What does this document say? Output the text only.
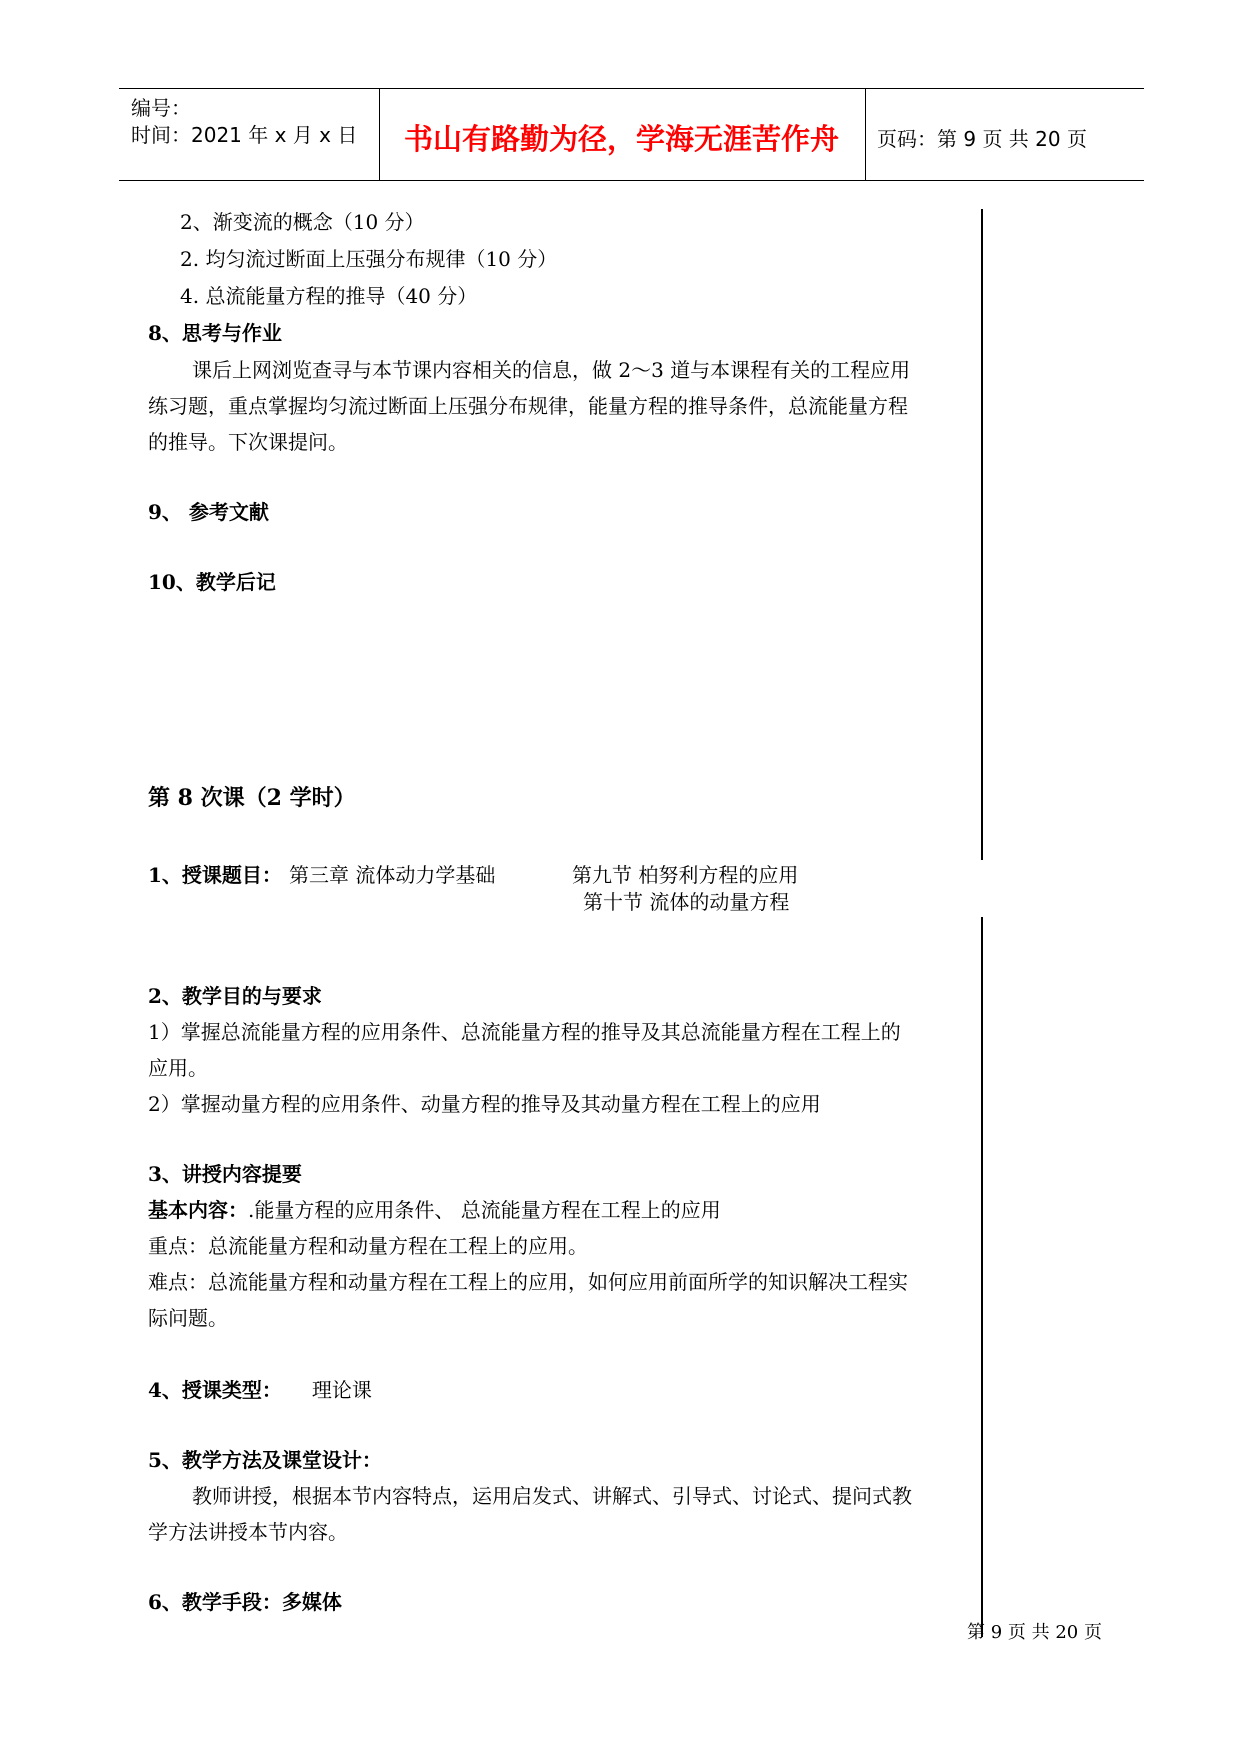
编号：
时间：2021 年 x 月 x 日 书山有路勤为径，学海无涯苦作舟 页码：第 9 页 共 20 页
2、渐变流的概念（10 分）
2. 均匀流过断面上压强分布规律（10 分）
4. 总流能量方程的推导（40 分）
8、思考与作业
课后上网浏览查寻与本节课内容相关的信息，做 2～3 道与本课程有关的工程应用练习题，重点掌握均匀流过断面上压强分布规律，能量方程的推导条件，总流能量方程的推导。下次课提问。
9、 参考文献
10、教学后记
第 8 次课（2 学时）
1、授课题目： 第三章 流体动力学基础	第九节 柏努利方程的应用
第十节 流体的动量方程
2、教学目的与要求
1）掌握总流能量方程的应用条件、总流能量方程的推导及其总流能量方程在工程上的应用。
2）掌握动量方程的应用条件、动量方程的推导及其动量方程在工程上的应用
3、讲授内容提要
基本内容：.能量方程的应用条件、 总流能量方程在工程上的应用
重点：总流能量方程和动量方程在工程上的应用。
难点：总流能量方程和动量方程在工程上的应用，如何应用前面所学的知识解决工程实际问题。
4、授课类型： 理论课
5、教学方法及课堂设计：
教师讲授，根据本节内容特点，运用启发式、讲解式、引导式、讨论式、提问式教学方法讲授本节内容。
6、教学手段：多媒体
第 9 页 共 20 页
